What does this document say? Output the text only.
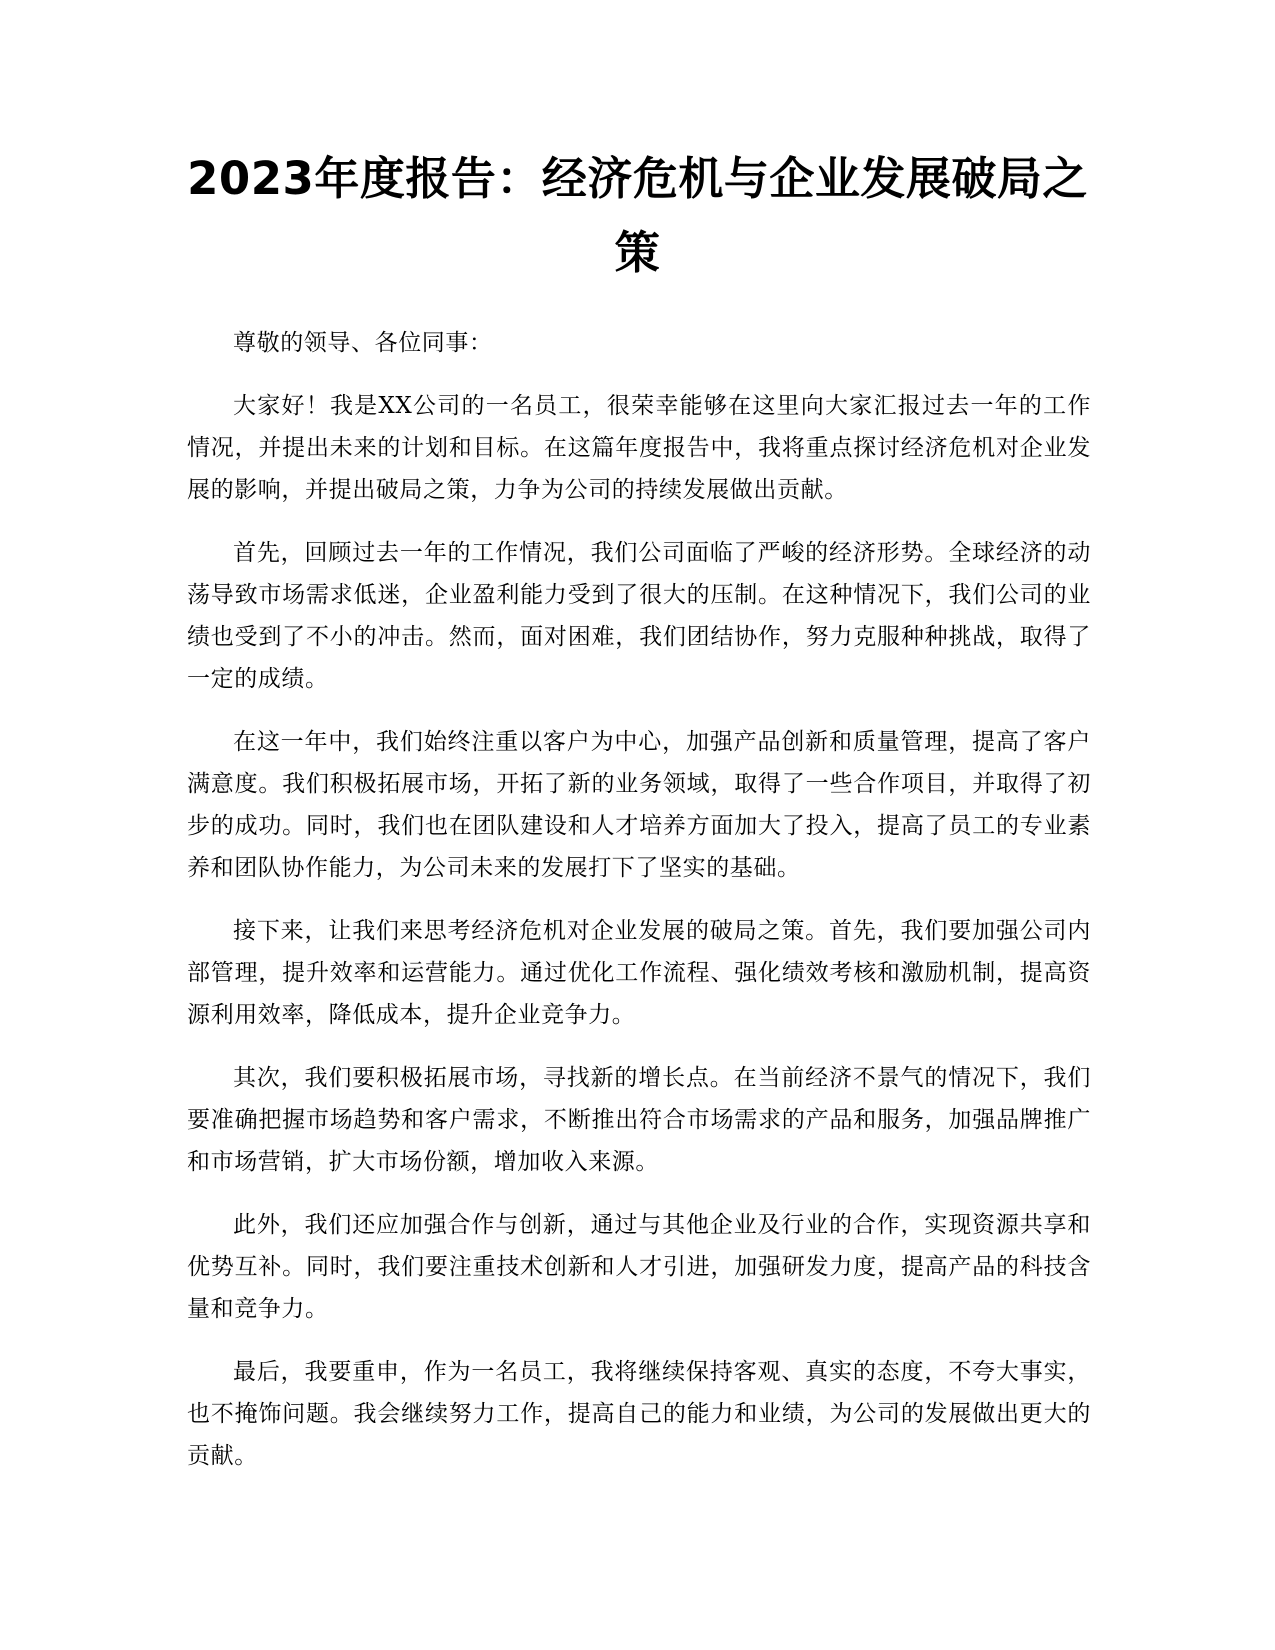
2023年度报告：经济危机与企业发展破局之策

尊敬的领导、各位同事：

大家好！我是XX公司的一名员工，很荣幸能够在这里向大家汇报过去一年的工作情况，并提出未来的计划和目标。在这篇年度报告中，我将重点探讨经济危机对企业发展的影响，并提出破局之策，力争为公司的持续发展做出贡献。

首先，回顾过去一年的工作情况，我们公司面临了严峻的经济形势。全球经济的动荡导致市场需求低迷，企业盈利能力受到了很大的压制。在这种情况下，我们公司的业绩也受到了不小的冲击。然而，面对困难，我们团结协作，努力克服种种挑战，取得了一定的成绩。

在这一年中，我们始终注重以客户为中心，加强产品创新和质量管理，提高了客户满意度。我们积极拓展市场，开拓了新的业务领域，取得了一些合作项目，并取得了初步的成功。同时，我们也在团队建设和人才培养方面加大了投入，提高了员工的专业素养和团队协作能力，为公司未来的发展打下了坚实的基础。

接下来，让我们来思考经济危机对企业发展的破局之策。首先，我们要加强公司内部管理，提升效率和运营能力。通过优化工作流程、强化绩效考核和激励机制，提高资源利用效率，降低成本，提升企业竞争力。

其次，我们要积极拓展市场，寻找新的增长点。在当前经济不景气的情况下，我们要准确把握市场趋势和客户需求，不断推出符合市场需求的产品和服务，加强品牌推广和市场营销，扩大市场份额，增加收入来源。

此外，我们还应加强合作与创新，通过与其他企业及行业的合作，实现资源共享和优势互补。同时，我们要注重技术创新和人才引进，加强研发力度，提高产品的科技含量和竞争力。

最后，我要重申，作为一名员工，我将继续保持客观、真实的态度，不夸大事实，也不掩饰问题。我会继续努力工作，提高自己的能力和业绩，为公司的发展做出更大的贡献。
